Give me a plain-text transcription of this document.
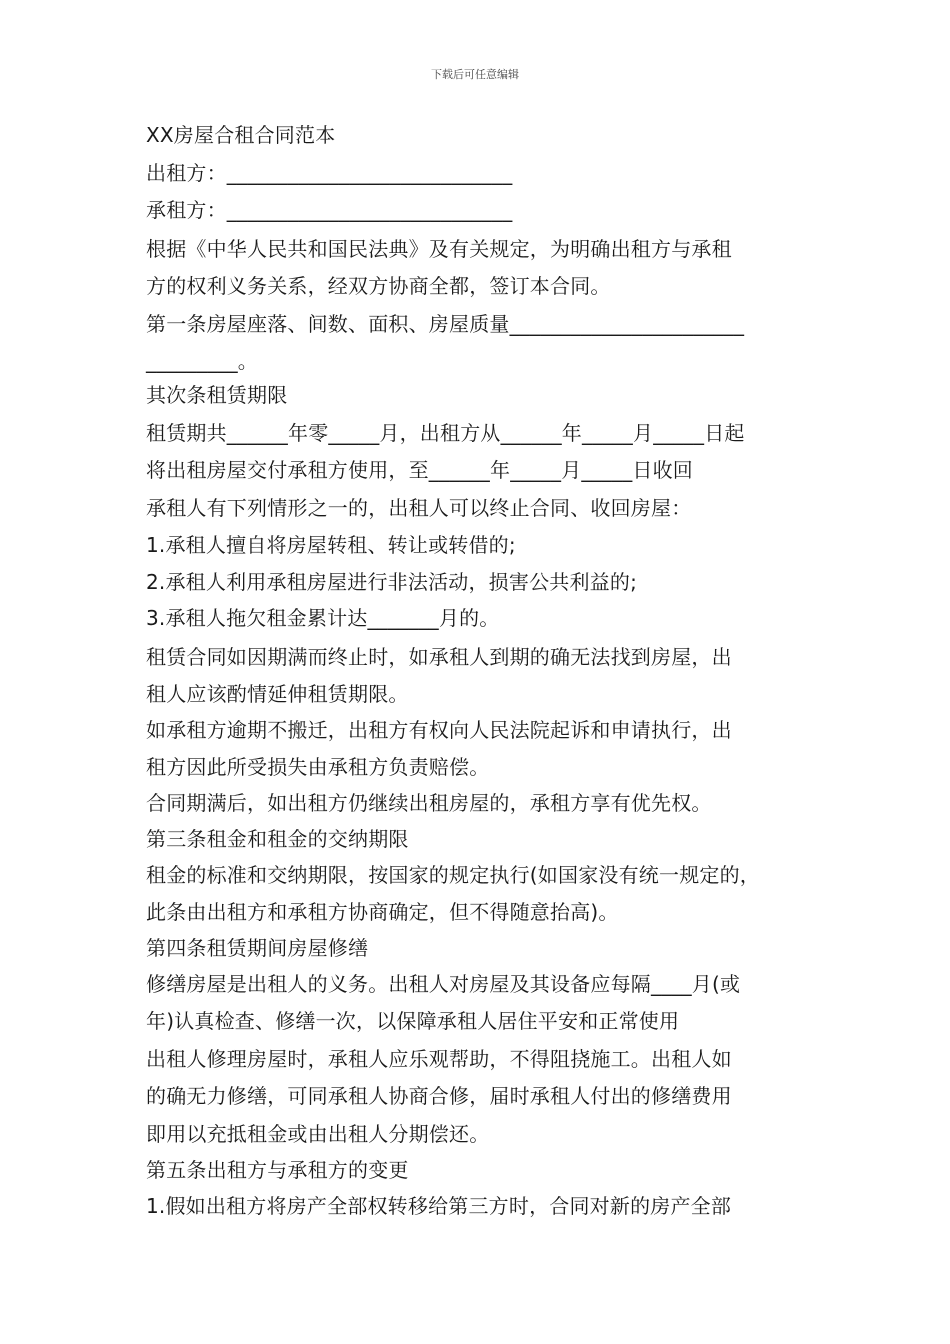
下载后可任意编辑
XX房屋合租合同范本
出租方：____________________________
承租方：____________________________
根据《中华人民共和国民法典》及有关规定，为明确出租方与承租
方的权利义务关系，经双方协商全都，签订本合同。
第一条房屋座落、间数、面积、房屋质量_______________________
_________。
其次条租赁期限
租赁期共______年零_____月，出租方从______年_____月_____日起
将出租房屋交付承租方使用，至______年_____月_____日收回
承租人有下列情形之一的，出租人可以终止合同、收回房屋：
1.承租人擅自将房屋转租、转让或转借的;
2.承租人利用承租房屋进行非法活动，损害公共利益的;
3.承租人拖欠租金累计达_______月的。
租赁合同如因期满而终止时，如承租人到期的确无法找到房屋，出
租人应该酌情延伸租赁期限。
如承租方逾期不搬迁，出租方有权向人民法院起诉和申请执行，出
租方因此所受损失由承租方负责赔偿。
合同期满后，如出租方仍继续出租房屋的，承租方享有优先权。
第三条租金和租金的交纳期限
租金的标准和交纳期限，按国家的规定执行(如国家没有统一规定的，
此条由出租方和承租方协商确定，但不得随意抬高)。
第四条租赁期间房屋修缮
修缮房屋是出租人的义务。出租人对房屋及其设备应每隔____月(或
年)认真检查、修缮一次，以保障承租人居住平安和正常使用
出租人修理房屋时，承租人应乐观帮助，不得阻挠施工。出租人如
的确无力修缮，可同承租人协商合修，届时承租人付出的修缮费用
即用以充抵租金或由出租人分期偿还。
第五条出租方与承租方的变更
1.假如出租方将房产全部权转移给第三方时，合同对新的房产全部
